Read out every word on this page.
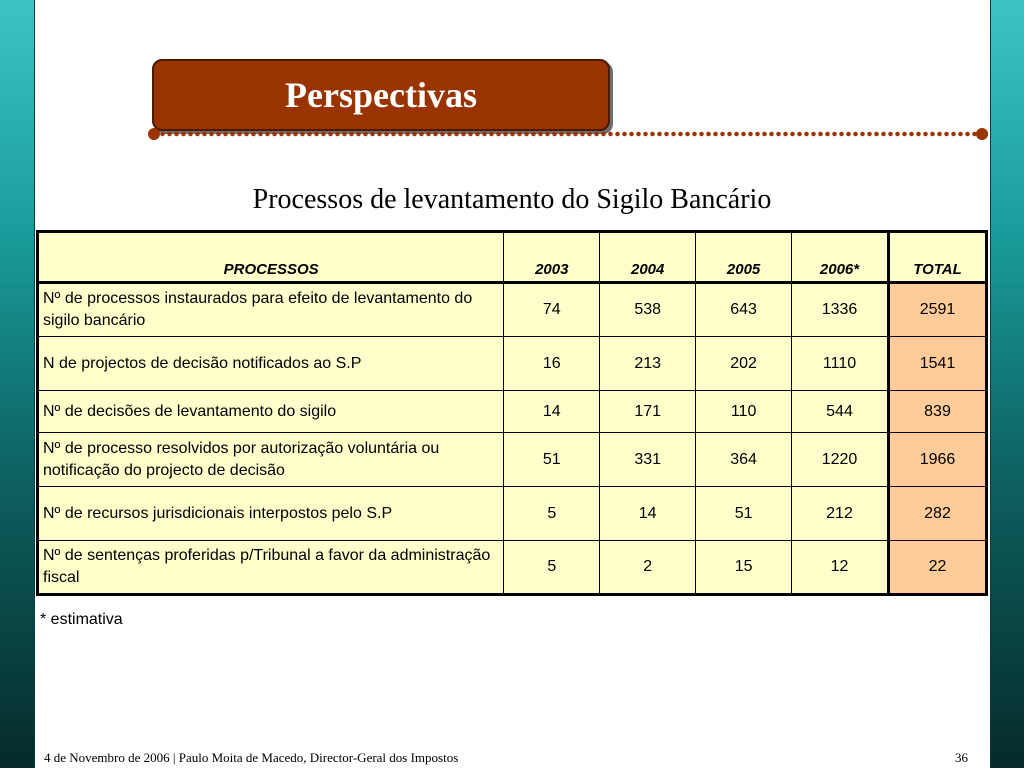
Perspectivas
Processos de levantamento do Sigilo Bancário
PROCESSOS	2003	2004	2005	2006*	TOTAL
Nº de processos instaurados para efeito de levantamento do sigilo bancário	74	538	643	1336	2591
N de projectos de decisão notificados ao S.P	16	213	202	1110	1541
Nº de decisões de levantamento do sigilo	14	171	110	544	839
Nº de processo resolvidos por autorização voluntária ou notificação do projecto de decisão	51	331	364	1220	1966
Nº de recursos jurisdicionais interpostos pelo S.P	5	14	51	212	282
Nº de sentenças proferidas p/Tribunal a favor da administração fiscal	5	2	15	12	22
* estimativa
4 de Novembro de 2006 | Paulo Moita de Macedo, Director-Geral dos Impostos	36
